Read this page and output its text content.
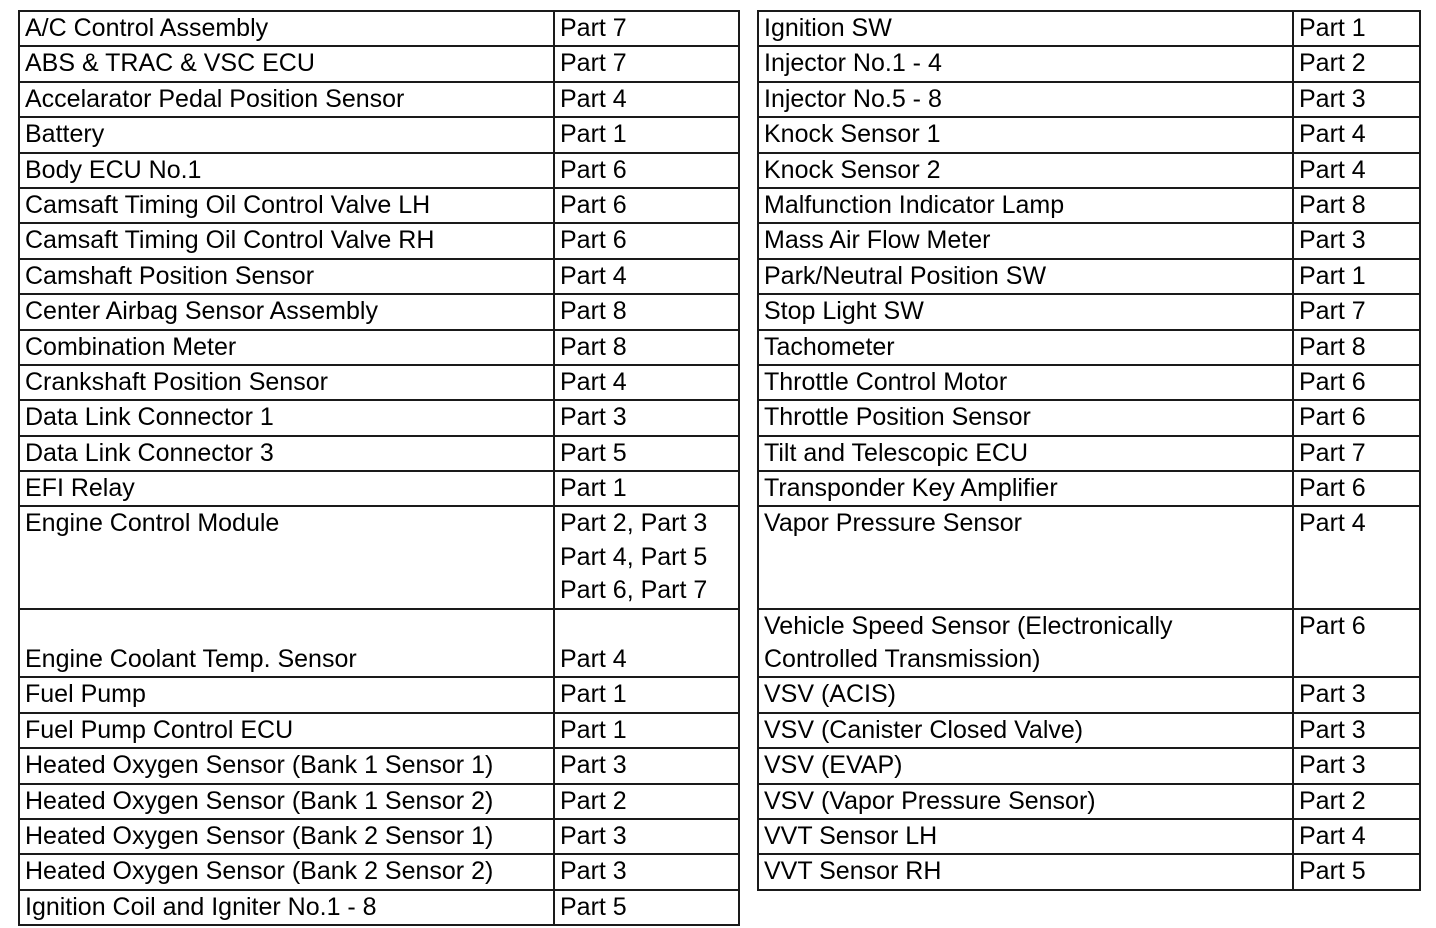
A/C Control Assembly	Part 7

ABS & TRAC & VSC ECU	Part 7

Accelarator Pedal Position Sensor	Part 4

Battery	Part 1

Body ECU No.1	Part 6

Camsaft Timing Oil Control Valve LH	Part 6

Camsaft Timing Oil Control Valve RH	Part 6

Camshaft Position Sensor	Part 4

Center Airbag Sensor Assembly	Part 8

Combination Meter	Part 8

Crankshaft Position Sensor	Part 4

Data Link Connector 1	Part 3

Data Link Connector 3	Part 5

EFI Relay	Part 1

Engine Control Module	Part 2, Part 3
Part 4, Part 5
Part 6, Part 7

Engine Coolant Temp. Sensor	Part 4

Fuel Pump	Part 1

Fuel Pump Control ECU	Part 1

Heated Oxygen Sensor (Bank 1 Sensor 1)	Part 3

Heated Oxygen Sensor (Bank 1 Sensor 2)	Part 2

Heated Oxygen Sensor (Bank 2 Sensor 1)	Part 3

Heated Oxygen Sensor (Bank 2 Sensor 2)	Part 3

Ignition Coil and Igniter No.1 - 8	Part 5
Ignition SW	Part 1

Injector No.1 - 4	Part 2

Injector No.5 - 8	Part 3

Knock Sensor 1	Part 4

Knock Sensor 2	Part 4

Malfunction Indicator Lamp	Part 8

Mass Air Flow Meter	Part 3

Park/Neutral Position SW	Part 1

Stop Light SW	Part 7

Tachometer	Part 8

Throttle Control Motor	Part 6

Throttle Position Sensor	Part 6

Tilt and Telescopic ECU	Part 7

Transponder Key Amplifier	Part 6

Vapor Pressure Sensor	Part 4

Vehicle Speed Sensor (Electronically
Controlled Transmission)	Part 6

VSV (ACIS)	Part 3

VSV (Canister Closed Valve)	Part 3

VSV (EVAP)	Part 3

VSV (Vapor Pressure Sensor)	Part 2

VVT Sensor LH	Part 4

VVT Sensor RH	Part 5
